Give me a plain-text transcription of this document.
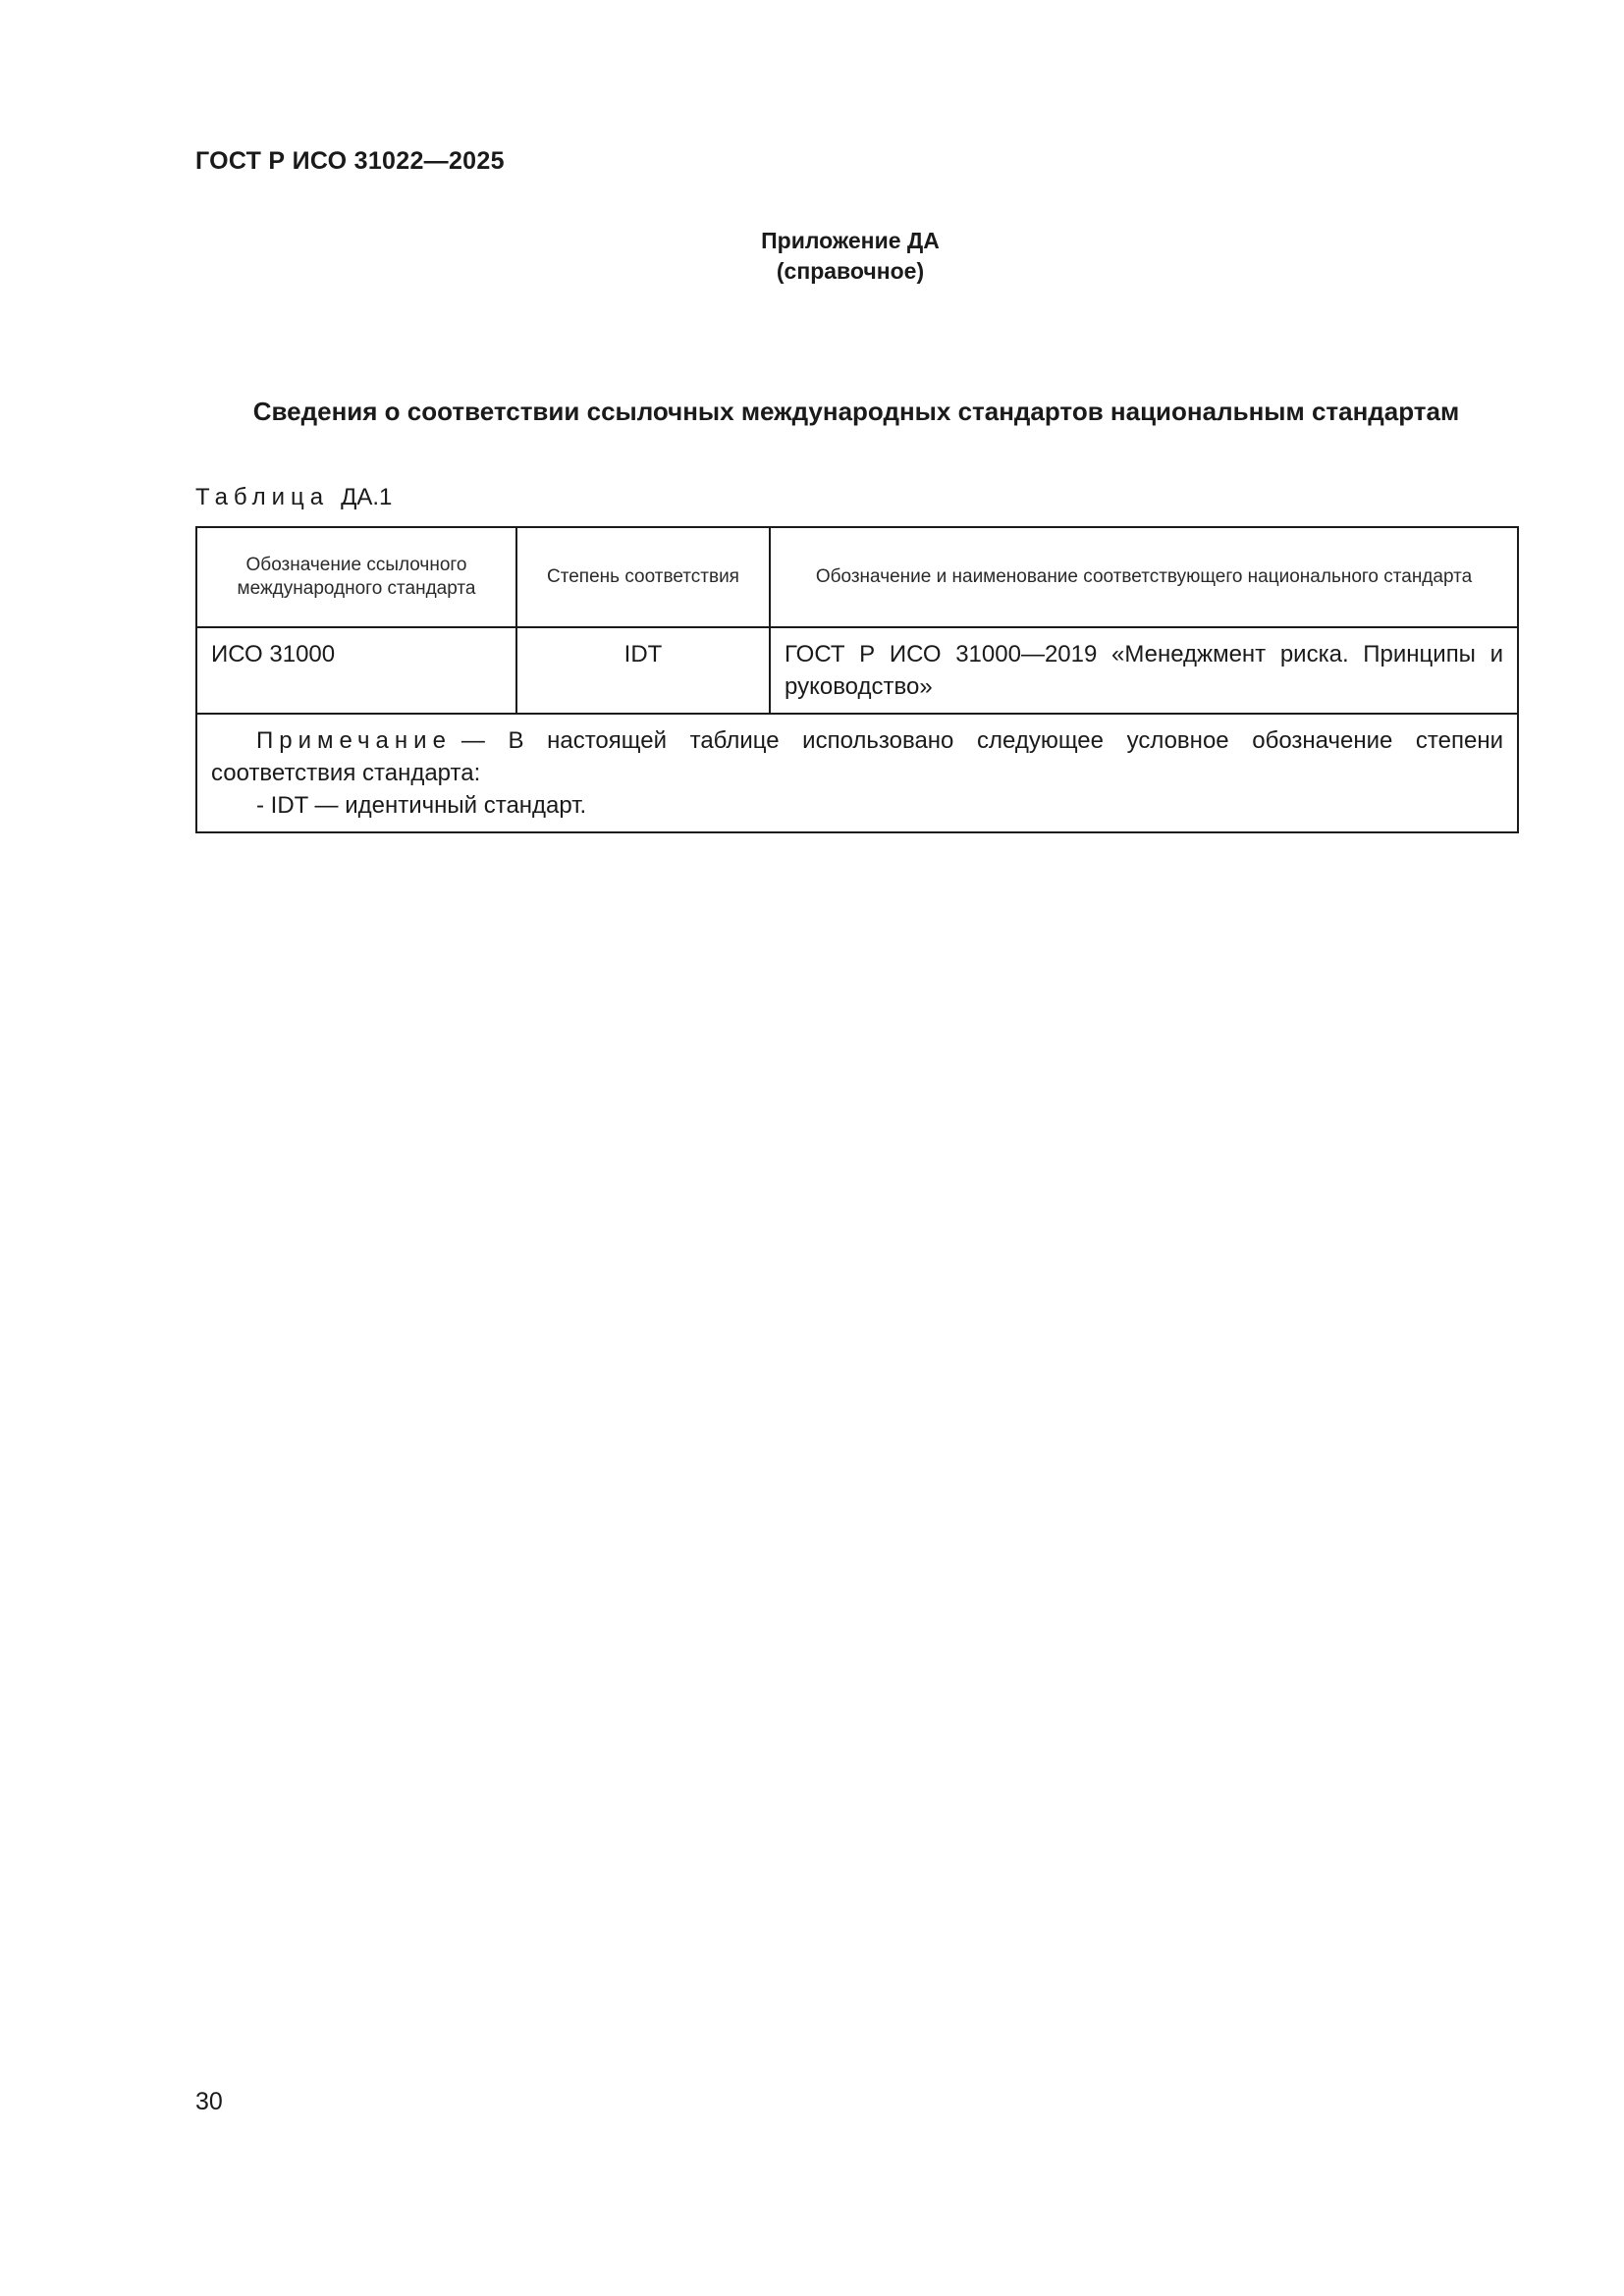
ГОСТ Р ИСО 31022—2025
Приложение ДА
(справочное)
Сведения о соответствии ссылочных международных стандартов национальным стандартам
Таблица ДА.1
Обозначение ссылочного международного стандарта	Степень соответствия	Обозначение и наименование соответствующего национального стандарта
ИСО 31000	IDT	ГОСТ Р ИСО 31000—2019 «Менеджмент риска. Принципы и руководство»
Примечание — В настоящей таблице использовано следующее условное обозначение степени соответствия стандарта:
- IDT — идентичный стандарт.		
30
